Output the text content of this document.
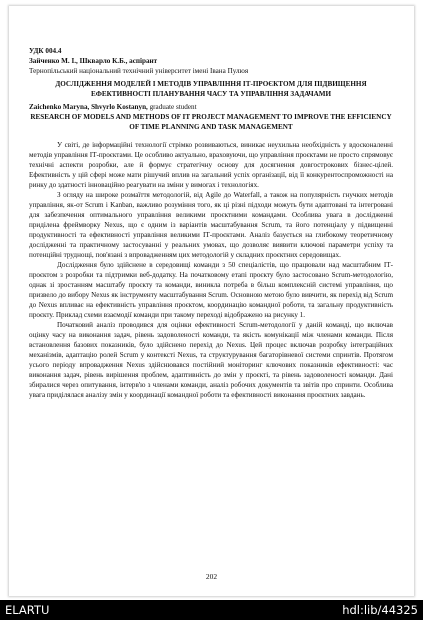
УДК 004.4
Зайченко М. І., Шкварло К.Б., аспірант
Тернопільський національний технічний університет імені Івана Пулюя
ДОСЛІДЖЕННЯ МОДЕЛЕЙ І МЕТОДІВ УПРАВЛІННЯ ІТ-ПРОЄКТОМ ДЛЯ ПІДВИЩЕННЯ ЕФЕКТИВНОСТІ ПЛАНУВАННЯ ЧАСУ ТА УПРАВЛІННЯ ЗАДАЧАМИ
Zaichenko Maryna, Shvyrlo Kostanyn, graduate student
RESEARCH OF MODELS AND METHODS OF IT PROJECT MANAGEMENT TO IMPROVE THE EFFICIENCY OF TIME PLANNING AND TASK MANAGEMENT

У світі, де інформаційні технології стрімко розвиваються, виникає неухильна необхідність у вдосконаленні методів управління ІТ-проєктами. Це особливо актуально, враховуючи, що управління проєктами не просто спрямовує технічні аспекти розробки, але й формує стратегічну основу для досягнення довгострокових бізнес-цілей. Ефективність у цій сфері може мати рішучий вплив на загальний успіх організації, від її конкурентоспроможності на ринку до здатності інноваційно реагувати на зміни у вимогах і технологіях.

З огляду на широке розмаїття методологій, від Agile до Waterfall, а також на популярність гнучких методів управління, як-от Scrum і Kanban, важливо розуміння того, як ці різні підходи можуть бути адаптовані та інтегровані для забезпечення оптимального управління великими проєктними командами. Особлива увага в дослідженні приділена фреймворку Nexus, що є одним із варіантів масштабування Scrum, та його потенціалу у підвищенні продуктивності та ефективності управління великими ІТ-проєктами. Аналіз базується на глибокому теоретичному дослідженні та практичному застосуванні у реальних умовах, що дозволяє виявити ключові параметри успіху та потенційні труднощі, пов'язані з впровадженням цих методологій у складних проєктних середовищах.

Дослідження було здійснене в середовищі команди з 50 спеціалістів, що працювали над масштабним ІТ-проєктом з розробки та підтримки веб-додатку. На початковому етапі проєкту було застосовано Scrum-методологію, однак зі зростанням масштабу проєкту та команди, виникла потреба в більш комплексній системі управління, що призвело до вибору Nexus як інструменту масштабування Scrum. Основною метою було вивчити, як перехід від Scrum до Nexus впливає на ефективність управління проєктом, координацію командної роботи, та загальну продуктивність проєкту. Приклад схеми взаємодії команди при такому переході відображено на рисунку 1.

Початковий аналіз проводився для оцінки ефективності Scrum-методології у даній команді, що включав оцінку часу на виконання задач, рівень задоволеності команди, та якість комунікації між членами команди. Після встановлення базових показників, було здійснено перехід до Nexus. Цей процес включав розробку інтеграційних механізмів, адаптацію ролей Scrum у контексті Nexus, та структурування багаторівневої системи спринтів. Протягом усього періоду впровадження Nexus здійснювався постійний моніторинг ключових показників ефективності: час виконання задач, рівень вирішення проблем, адаптивність до змін у проєкті, та рівень задоволеності команди. Дані збиралися через опитування, інтерв'ю з членами команди, аналіз робочих документів та звітів про спринти. Особлива увага приділялася аналізу змін у координації командної роботи та ефективності виконання проєктних завдань.

202
ELARTU	hdl:lib/44325
